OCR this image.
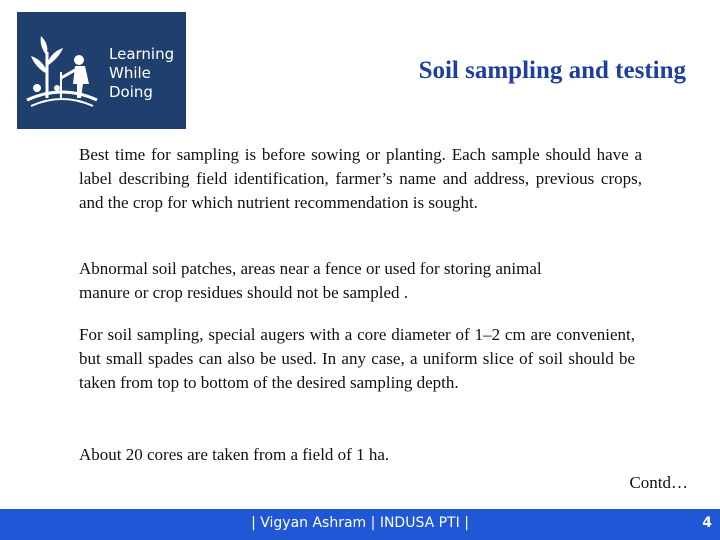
Learning
While
Doing
Soil sampling and testing

Best time for sampling is before sowing or planting. Each sample should have a label describing field identification, farmer’s name and address, previous crops, and the crop for which nutrient recommendation is sought.

Abnormal soil patches, areas near a fence or used for storing animal manure or crop residues should not be sampled .

For soil sampling, special augers with a core diameter of 1–2 cm are convenient, but small spades can also be used. In any case, a uniform slice of soil should be taken from top to bottom of the desired sampling depth.

About 20 cores are taken from a field of 1 ha.

Contd…
| Vigyan Ashram | INDUSA PTI |	4
